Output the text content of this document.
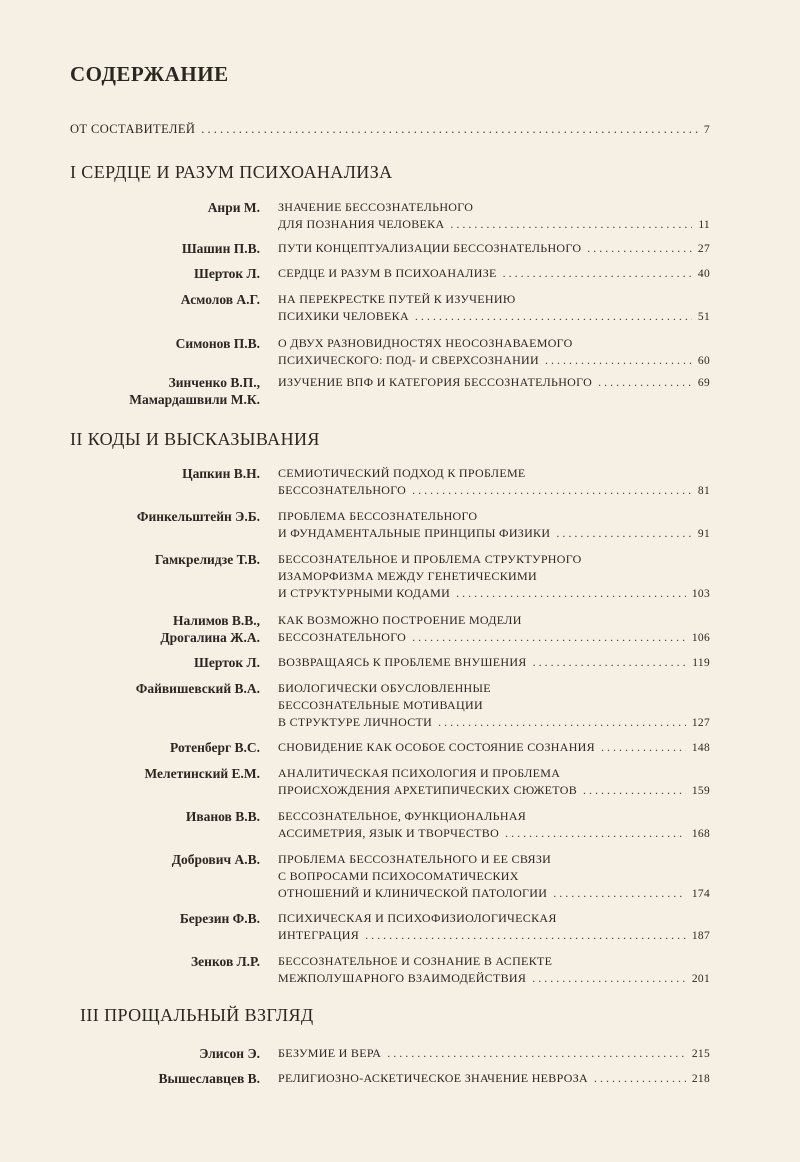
СОДЕРЖАНИЕ
ОТ СОСТАВИТЕЛЕЙ . . .	7
I СЕРДЦЕ И РАЗУМ ПСИХОАНАЛИЗА
II КОДЫ И ВЫСКАЗЫВАНИЯ
III ПРОЩАЛЬНЫЙ ВЗГЛЯД
Анри М. ЗНАЧЕНИЕ БЕССОЗНАТЕЛЬНОГО
ДЛЯ ПОЗНАНИЯ ЧЕЛОВЕКА . . .	11
Шашин П.В. ПУТИ КОНЦЕПТУАЛИЗАЦИИ БЕССОЗНАТЕЛЬНОГО . . .	27
Шерток Л. СЕРДЦЕ И РАЗУМ В ПСИХОАНАЛИЗЕ . . .	40
Асмолов А.Г. НА ПЕРЕКРЕСТКЕ ПУТЕЙ К ИЗУЧЕНИЮ
ПСИХИКИ ЧЕЛОВЕКА . . .	51
Симонов П.В. О ДВУХ РАЗНОВИДНОСТЯХ НЕОСОЗНАВАЕМОГО
ПСИХИЧЕСКОГО: ПОД- И СВЕРХСОЗНАНИИ . . .	60
Зинченко В.П.,
Мамардашвили М.К.
ИЗУЧЕНИЕ ВПФ И КАТЕГОРИЯ БЕССОЗНАТЕЛЬНОГО . . .	69
Цапкин В.Н. СЕМИОТИЧЕСКИЙ ПОДХОД К ПРОБЛЕМЕ
БЕССОЗНАТЕЛЬНОГО . . .	81
Финкельштейн Э.Б. ПРОБЛЕМА БЕССОЗНАТЕЛЬНОГО
И ФУНДАМЕНТАЛЬНЫЕ ПРИНЦИПЫ ФИЗИКИ . . .	91
Гамкрелидзе Т.В. БЕССОЗНАТЕЛЬНОЕ И ПРОБЛЕМА СТРУКТУРНОГО
ИЗАМОРФИЗМА МЕЖДУ ГЕНЕТИЧЕСКИМИ
И СТРУКТУРНЫМИ КОДАМИ . . .	103
Налимов В.В.,
Дрогалина Ж.А.
КАК ВОЗМОЖНО ПОСТРОЕНИЕ МОДЕЛИ
БЕССОЗНАТЕЛЬНОГО . . .	106
Шерток Л. ВОЗВРАЩАЯСЬ К ПРОБЛЕМЕ ВНУШЕНИЯ . . .	119
Файвишевский В.А. БИОЛОГИЧЕСКИ ОБУСЛОВЛЕННЫЕ
БЕССОЗНАТЕЛЬНЫЕ МОТИВАЦИИ
В СТРУКТУРЕ ЛИЧНОСТИ . . .	127
Ротенберг В.С. СНОВИДЕНИЕ КАК ОСОБОЕ СОСТОЯНИЕ СОЗНАНИЯ . . .	148
Мелетинский Е.М. АНАЛИТИЧЕСКАЯ ПСИХОЛОГИЯ И ПРОБЛЕМА
ПРОИСХОЖДЕНИЯ АРХЕТИПИЧЕСКИХ СЮЖЕТОВ . . .	159
Иванов В.В. БЕССОЗНАТЕЛЬНОЕ, ФУНКЦИОНАЛЬНАЯ
АССИМЕТРИЯ, ЯЗЫК И ТВОРЧЕСТВО . . .	168
Добрович А.В. ПРОБЛЕМА БЕССОЗНАТЕЛЬНОГО И ЕЕ СВЯЗИ
С ВОПРОСАМИ ПСИХОСОМАТИЧЕСКИХ
ОТНОШЕНИЙ И КЛИНИЧЕСКОЙ ПАТОЛОГИИ . . .	174
Березин Ф.В. ПСИХИЧЕСКАЯ И ПСИХОФИЗИОЛОГИЧЕСКАЯ
ИНТЕГРАЦИЯ . . .	187
Зенков Л.Р. БЕССОЗНАТЕЛЬНОЕ И СОЗНАНИЕ В АСПЕКТЕ
МЕЖПОЛУШАРНОГО ВЗАИМОДЕЙСТВИЯ . . .	201
Элисон Э. БЕЗУМИЕ И ВЕРА . . .	215
Вышеславцев В. РЕЛИГИОЗНО-АСКЕТИЧЕСКОЕ ЗНАЧЕНИЕ НЕВРОЗА . . .	218
